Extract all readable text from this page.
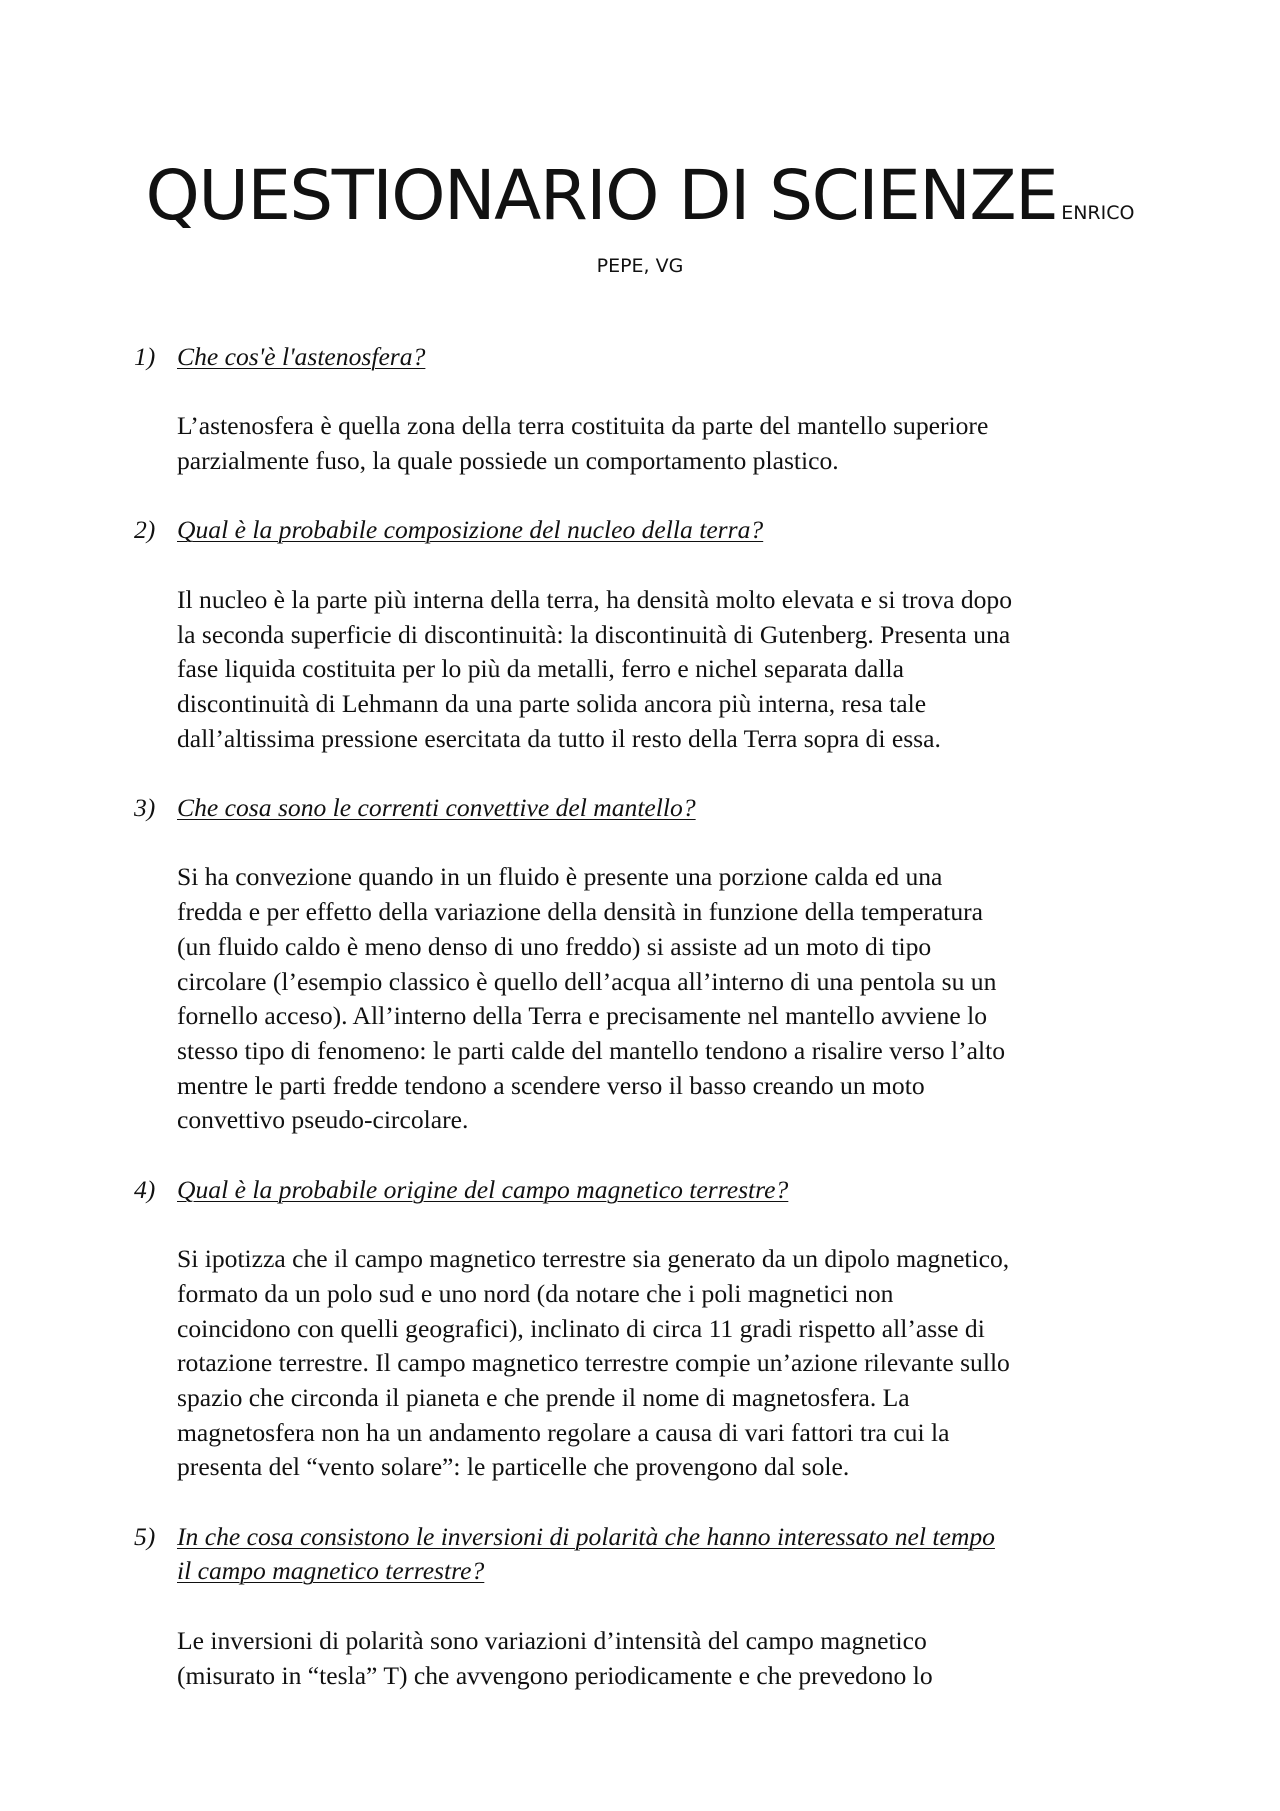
QUESTIONARIO DI SCIENZE ENRICO
PEPE, VG
1) Che cos'è l'astenosfera?
L’astenosfera è quella zona della terra costituita da parte del mantello superiore
parzialmente fuso, la quale possiede un comportamento plastico.
2) Qual è la probabile composizione del nucleo della terra?
Il nucleo è la parte più interna della terra, ha densità molto elevata e si trova dopo
la seconda superficie di discontinuità: la discontinuità di Gutenberg. Presenta una
fase liquida costituita per lo più da metalli, ferro e nichel separata dalla
discontinuità di Lehmann da una parte solida ancora più interna, resa tale
dall’altissima pressione esercitata da tutto il resto della Terra sopra di essa.
3) Che cosa sono le correnti convettive del mantello?
Si ha convezione quando in un fluido è presente una porzione calda ed una
fredda e per effetto della variazione della densità in funzione della temperatura
(un fluido caldo è meno denso di uno freddo) si assiste ad un moto di tipo
circolare (l’esempio classico è quello dell’acqua all’interno di una pentola su un
fornello acceso). All’interno della Terra e precisamente nel mantello avviene lo
stesso tipo di fenomeno: le parti calde del mantello tendono a risalire verso l’alto
mentre le parti fredde tendono a scendere verso il basso creando un moto
convettivo pseudo-circolare.
4) Qual è la probabile origine del campo magnetico terrestre?
Si ipotizza che il campo magnetico terrestre sia generato da un dipolo magnetico,
formato da un polo sud e uno nord (da notare che i poli magnetici non
coincidono con quelli geografici), inclinato di circa 11 gradi rispetto all’asse di
rotazione terrestre. Il campo magnetico terrestre compie un’azione rilevante sullo
spazio che circonda il pianeta e che prende il nome di magnetosfera. La
magnetosfera non ha un andamento regolare a causa di vari fattori tra cui la
presenta del “vento solare”: le particelle che provengono dal sole.
5) In che cosa consistono le inversioni di polarità che hanno interessato nel tempo
il campo magnetico terrestre?
Le inversioni di polarità sono variazioni d’intensità del campo magnetico
(misurato in “tesla” T) che avvengono periodicamente e che prevedono lo
